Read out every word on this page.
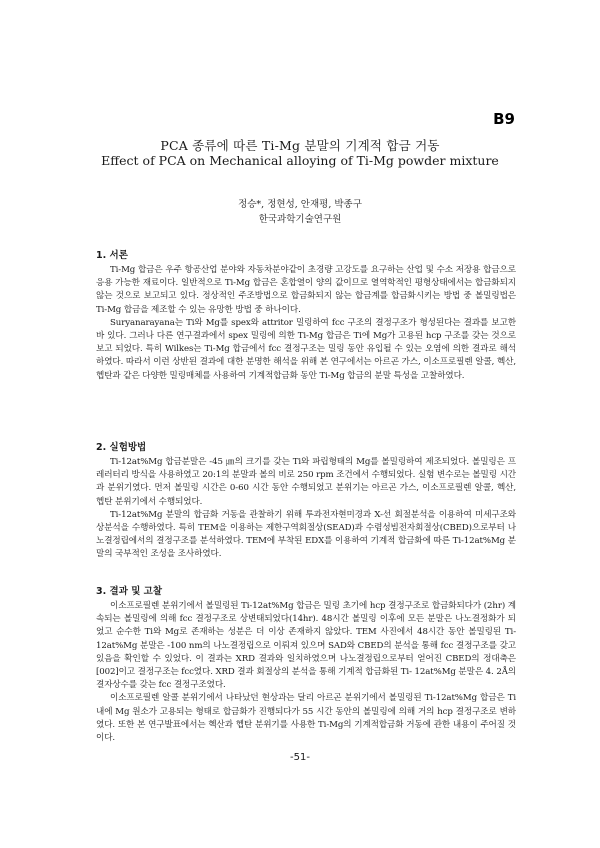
B9
PCA 종류에 따른 Ti-Mg 분말의 기계적 합금 거동
Effect of PCA on Mechanical alloying of Ti-Mg powder mixture
정승*, 정현성, 안재평, 박종구
한국과학기술연구원
1. 서론

Ti-Mg 합금은 우주 항공산업 분야와 자동차분야같이 초경량 고강도를 요구하는 산업 및 수소 저장용 합금으로 응용 가능한 재료이다. 일반적으로 Ti-Mg 합금은 혼합열이 양의 값이므로 열역학적인 평형상태에서는 합금화되지 않는 것으로 보고되고 있다. 정상적인 주조방법으로 합금화되지 않는 합금계를 합금화시키는 방법 중 볼밀링법은 Ti-Mg 합금을 제조할 수 있는 유망한 방법 중 하나이다.

Suryanarayana는 Ti와 Mg를 spex와 attritor 밀링하여 fcc 구조의 결정구조가 형성된다는 결과를 보고한 바 있다. 그러나 다른 연구결과에서 spex 밀링에 의한 Ti-Mg 합금은 Ti에 Mg가 고용된 hcp 구조를 갖는 것으로 보고 되었다. 특히 Wilkes는 Ti-Mg 합금에서 fcc 결정구조는 밀링 동안 유입될 수 있는 오염에 의한 결과로 해석하였다. 따라서 이런 상반된 결과에 대한 분명한 해석을 위해 본 연구에서는 아르곤 가스, 이소프로필렌 알콜, 헥산, 헵탄과 같은 다양한 밀링매체를 사용하여 기계적합금화 동안 Ti-Mg 합금의 분말 특성을 고찰하였다.

2. 실험방법

Ti-12at%Mg 합금분말은 -45 ㎛의 크기를 갖는 Ti와 파립형태의 Mg를 볼밀링하여 제조되었다. 볼밀링은 프레러터리 방식을 사용하였고 20:1의 분말과 볼의 비로 250 rpm 조건에서 수행되었다. 실험 변수로는 볼밀링 시간과 분위기였다. 먼저 볼밀링 시간은 0-60 시간 동안 수행되었고 분위기는 아르곤 가스, 이소프로필렌 알콜, 헥산, 헵탄 분위기에서 수행되었다.

Ti-12at%Mg 분말의 합금화 거동을 관찰하기 위해 투과전자현미경과 X-선 회절분석을 이용하여 미세구조와 상분석을 수행하였다. 특히 TEM을 이용하는 제한구역회절상(SEAD)과 수렴성빔전자회절상(CBED)으로부터 나노결정립에서의 결정구조를 분석하였다. TEM에 부착된 EDX를 이용하여 기계적 합금화에 따른 Ti-12at%Mg 분말의 국부적인 조성을 조사하였다.

3. 결과 및 고찰

이소프로필렌 분위기에서 볼밀링된 Ti-12at%Mg 합금은 밀링 초기에 hcp 결정구조로 합금화되다가 (2hr) 계속되는 볼밀링에 의해 fcc 결정구조로 상변태되었다(14hr). 48시간 볼밀링 이후에 모든 분말은 나노결정화가 되었고 순수한 Ti와 Mg로 존재하는 성분은 더 이상 존재하지 않았다. TEM 사진에서 48시간 동안 볼밀링된 Ti-12at%Mg 분말은 -100 nm의 나노결정립으로 이뤄져 있으며 SAD와 CBED의 분석을 통해 fcc 결정구조를 갖고 있음을 확인할 수 있었다. 이 결과는 XRD 결과와 일치하였으며 나노결정립으로부터 얻어진 CBED의 정대축은 [002]이고 결정구조는 fcc였다. XRD 결과 회절상의 분석을 통해 기계적 합금화된 Ti- 12at%Mg 분말은 4. 2Å의 결자상수를 갖는 fcc 결정구조였다.

이소프로필렌 알콜 분위기에서 나타났던 현상과는 달리 아르곤 분위기에서 볼밀링된 Ti-12at%Mg 합금은 Ti 내에 Mg 원소가 고용되는 형태로 합금화가 진행되다가 55 시간 동안의 볼밀링에 의해 거의 hcp 결정구조로 변하였다. 또한 본 연구발표에서는 헥산과 헵탄 분위기를 사용한 Ti-Mg의 기계적합금화 거동에 관한 내용이 주어질 것이다.

-51-
